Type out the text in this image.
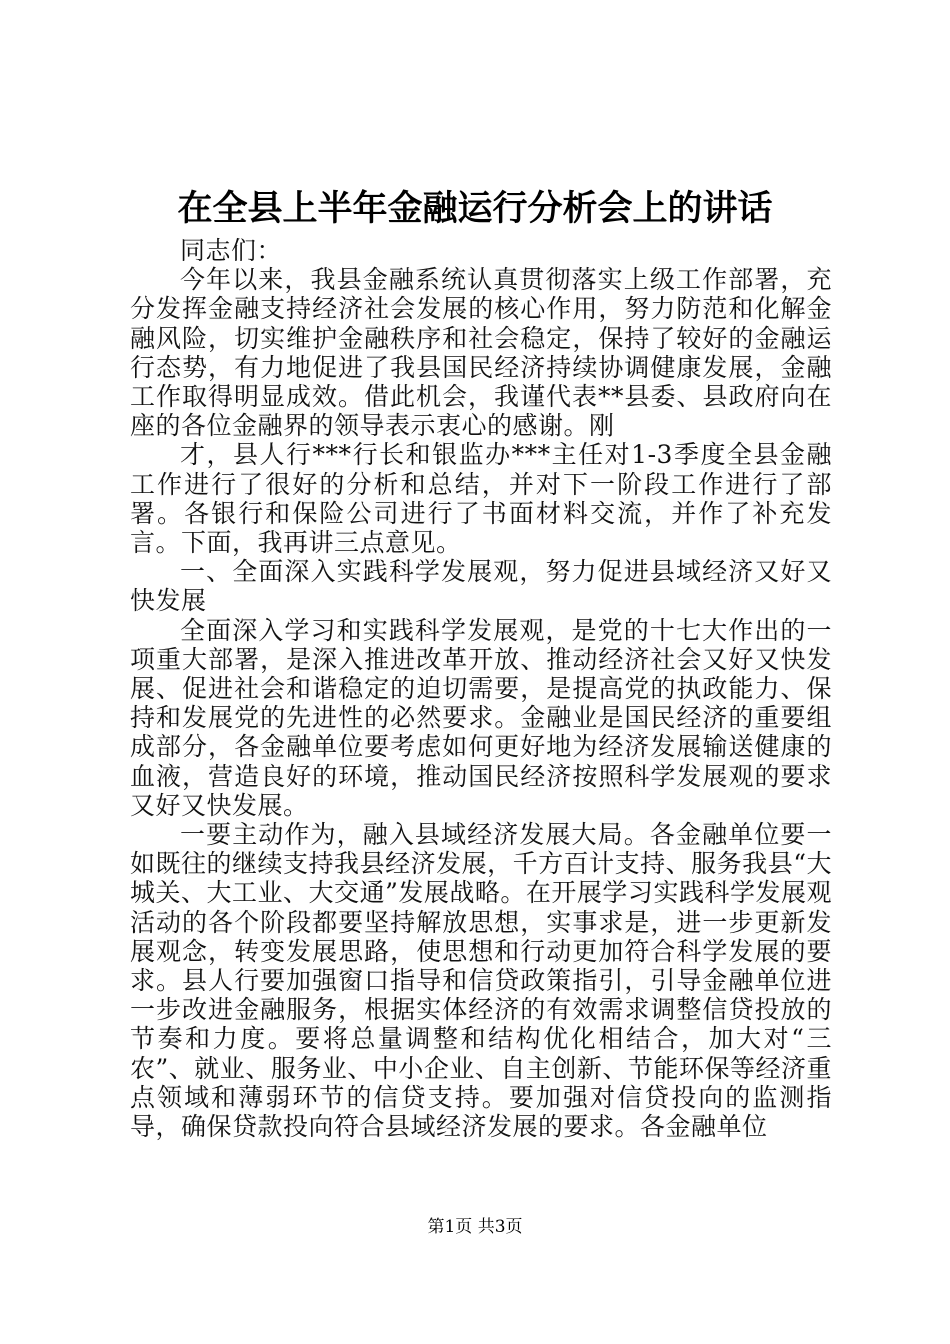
在全县上半年金融运行分析会上的讲话

同志们：

今年以来，我县金融系统认真贯彻落实上级工作部署，充分发挥金融支持经济社会发展的核心作用，努力防范和化解金融风险，切实维护金融秩序和社会稳定，保持了较好的金融运行态势，有力地促进了我县国民经济持续协调健康发展，金融工作取得明显成效。借此机会，我谨代表**县委、县政府向在座的各位金融界的领导表示衷心的感谢。刚

才，县人行***行长和银监办***主任对1-3季度全县金融工作进行了很好的分析和总结，并对下一阶段工作进行了部署。各银行和保险公司进行了书面材料交流，并作了补充发言。下面，我再讲三点意见。

一、全面深入实践科学发展观，努力促进县域经济又好又快发展

全面深入学习和实践科学发展观，是党的十七大作出的一项重大部署，是深入推进改革开放、推动经济社会又好又快发展、促进社会和谐稳定的迫切需要，是提高党的执政能力、保持和发展党的先进性的必然要求。金融业是国民经济的重要组成部分，各金融单位要考虑如何更好地为经济发展输送健康的血液，营造良好的环境，推动国民经济按照科学发展观的要求又好又快发展。

一要主动作为，融入县域经济发展大局。各金融单位要一如既往的继续支持我县经济发展，千方百计支持、服务我县“大城关、大工业、大交通”发展战略。在开展学习实践科学发展观活动的各个阶段都要坚持解放思想，实事求是，进一步更新发展观念，转变发展思路，使思想和行动更加符合科学发展的要求。县人行要加强窗口指导和信贷政策指引，引导金融单位进一步改进金融服务，根据实体经济的有效需求调整信贷投放的节奏和力度。要将总量调整和结构优化相结合，加大对“三农”、就业、服务业、中小企业、自主创新、节能环保等经济重点领域和薄弱环节的信贷支持。要加强对信贷投向的监测指导，确保贷款投向符合县域经济发展的要求。各金融单位

第1页 共3页
